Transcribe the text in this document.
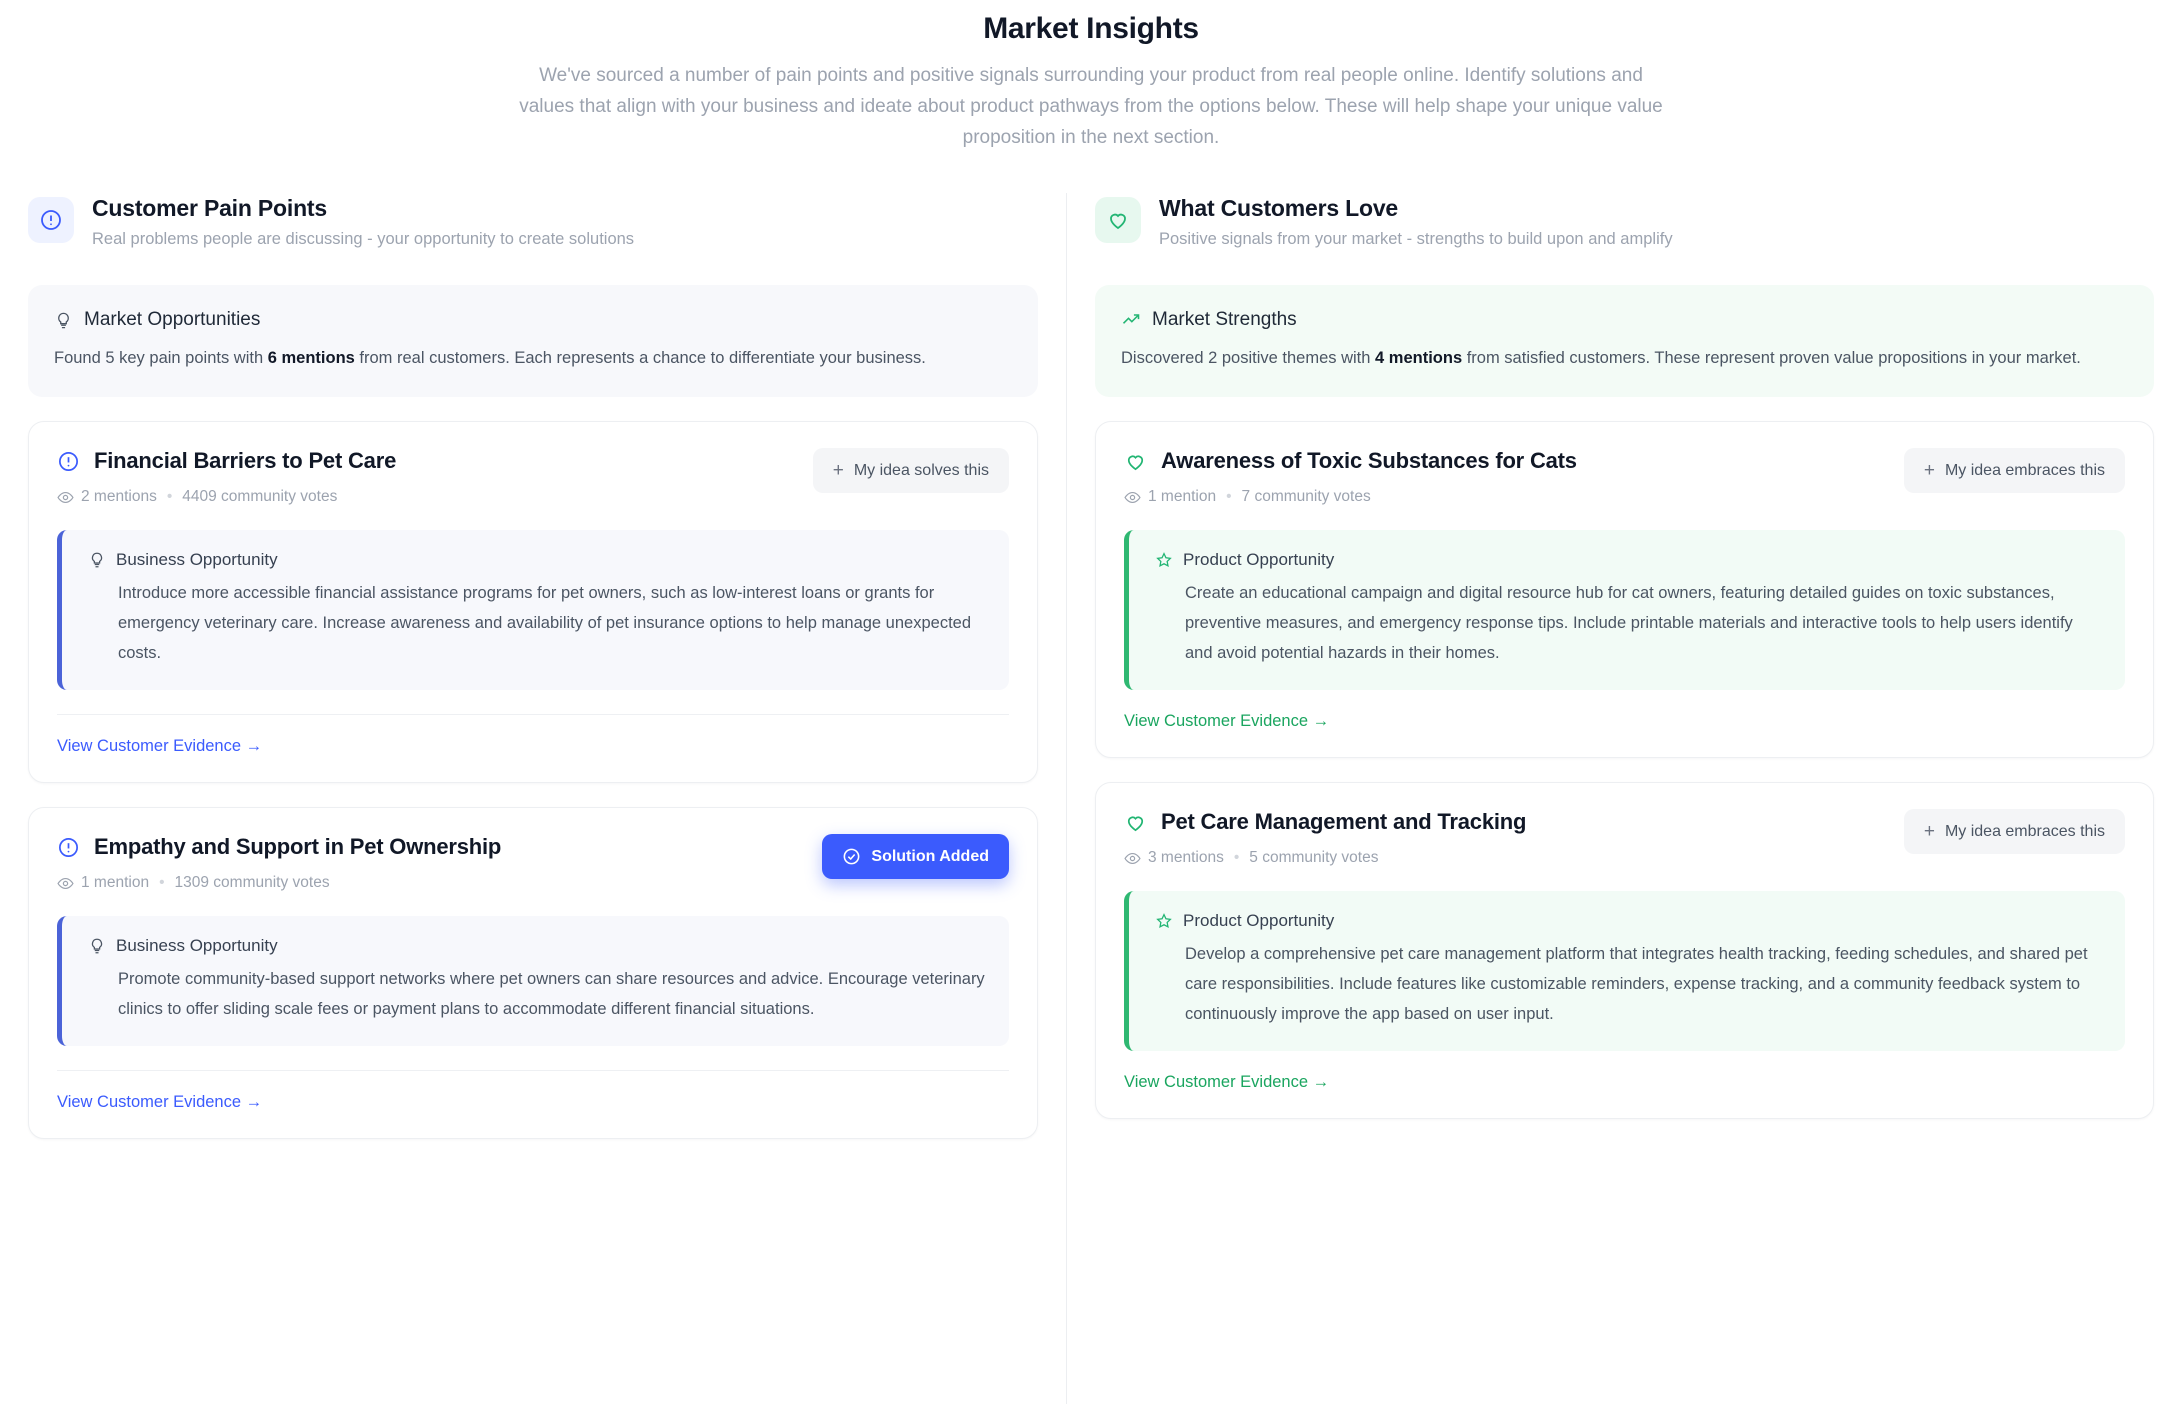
Market Insights

We've sourced a number of pain points and positive signals surrounding your product from real people online. Identify solutions and values that align with your business and ideate about product pathways from the options below. These will help shape your unique value proposition in the next section.

Customer Pain Points
Real problems people are discussing - your opportunity to create solutions
Market Opportunities
Found 5 key pain points with 6 mentions from real customers. Each represents a chance to differentiate your business.
Financial Barriers to Pet Care
2 mentions • 4409 community votes
+ My idea solves this
Business Opportunity
Introduce more accessible financial assistance programs for pet owners, such as low-interest loans or grants for emergency veterinary care. Increase awareness and availability of pet insurance options to help manage unexpected costs.
View Customer Evidence →
Empathy and Support in Pet Ownership
1 mention • 1309 community votes
Solution Added
Business Opportunity
Promote community-based support networks where pet owners can share resources and advice. Encourage veterinary clinics to offer sliding scale fees or payment plans to accommodate different financial situations.
View Customer Evidence →
What Customers Love
Positive signals from your market - strengths to build upon and amplify
Market Strengths
Discovered 2 positive themes with 4 mentions from satisfied customers. These represent proven value propositions in your market.
Awareness of Toxic Substances for Cats
1 mention • 7 community votes
+ My idea embraces this
Product Opportunity
Create an educational campaign and digital resource hub for cat owners, featuring detailed guides on toxic substances, preventive measures, and emergency response tips. Include printable materials and interactive tools to help users identify and avoid potential hazards in their homes.
View Customer Evidence →
Pet Care Management and Tracking
3 mentions • 5 community votes
+ My idea embraces this
Product Opportunity
Develop a comprehensive pet care management platform that integrates health tracking, feeding schedules, and shared pet care responsibilities. Include features like customizable reminders, expense tracking, and a community feedback system to continuously improve the app based on user input.
View Customer Evidence →
